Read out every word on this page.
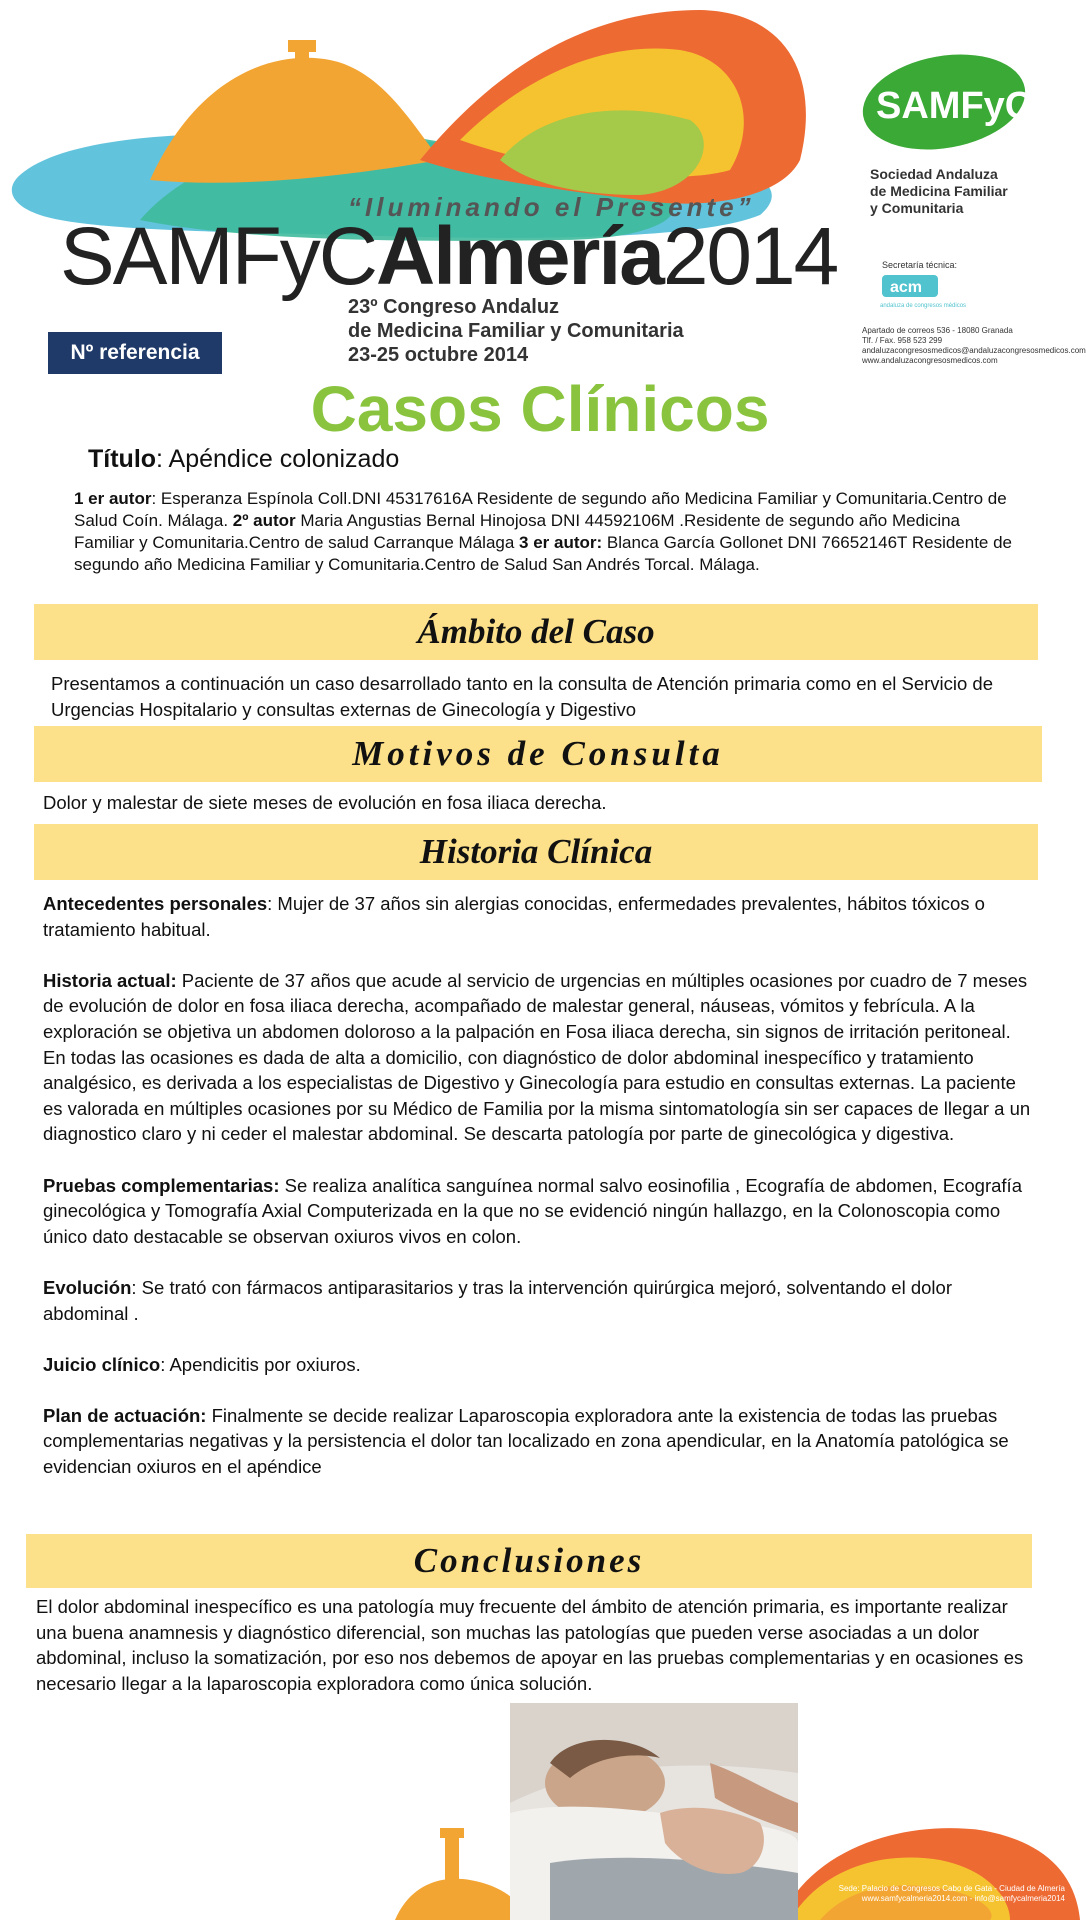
SAMFyC
Sociedad Andaluza
de Medicina Familiar
y Comunitaria
“Iluminando el Presente”
SAMFyCAlmería2014
23º Congreso Andaluz
de Medicina Familiar y Comunitaria
23-25 octubre 2014
Secretaría técnica:
acm
andaluza de congresos médicos
Apartado de correos 536 - 18080 Granada
Tlf. / Fax. 958 523 299
andaluzacongresosmedicos@andaluzacongresosmedicos.com
www.andaluzacongresosmedicos.com
Nº referencia
Casos Clínicos
Título: Apéndice colonizado
1 er autor: Esperanza Espínola Coll.DNI 45317616A Residente de segundo año Medicina Familiar y Comunitaria.Centro de Salud Coín. Málaga. 2º autor Maria Angustias Bernal Hinojosa DNI 44592106M .Residente de segundo año Medicina Familiar y Comunitaria.Centro de salud Carranque Málaga 3 er autor: Blanca García Gollonet DNI 76652146T Residente de segundo año Medicina Familiar y Comunitaria.Centro de Salud San Andrés Torcal. Málaga.
Ámbito del Caso
Presentamos a continuación un caso desarrollado tanto en la consulta de Atención primaria como en el Servicio de Urgencias Hospitalario y consultas externas de Ginecología y Digestivo
Motivos de Consulta
Dolor y malestar de siete meses de evolución en fosa iliaca derecha.
Historia Clínica

Antecedentes personales: Mujer de 37 años sin alergias conocidas, enfermedades prevalentes, hábitos tóxicos o tratamiento habitual.

Historia actual: Paciente de 37 años que acude al servicio de urgencias en múltiples ocasiones por cuadro de 7 meses de evolución de dolor en fosa iliaca derecha, acompañado de malestar general, náuseas, vómitos y febrícula. A la exploración se objetiva un abdomen doloroso a la palpación en Fosa iliaca derecha, sin signos de irritación peritoneal. En todas las ocasiones es dada de alta a domicilio, con diagnóstico de dolor abdominal inespecífico y tratamiento analgésico, es derivada a los especialistas de Digestivo y Ginecología para estudio en consultas externas. La paciente es valorada en múltiples ocasiones por su Médico de Familia por la misma sintomatología sin ser capaces de llegar a un diagnostico claro y ni ceder el malestar abdominal. Se descarta patología por parte de ginecológica y digestiva.

Pruebas complementarias: Se realiza analítica sanguínea normal salvo eosinofilia , Ecografía de abdomen, Ecografía ginecológica y Tomografía Axial Computerizada en la que no se evidenció ningún hallazgo, en la Colonoscopia como único dato destacable se observan oxiuros vivos en colon.

Evolución: Se trató con fármacos antiparasitarios y tras la intervención quirúrgica mejoró, solventando el dolor abdominal .

Juicio clínico: Apendicitis por oxiuros.

Plan de actuación: Finalmente se decide realizar Laparoscopia exploradora ante la existencia de todas las pruebas complementarias negativas y la persistencia el dolor tan localizado en zona apendicular, en la Anatomía patológica se evidencian oxiuros en el apéndice

Conclusiones
El dolor abdominal inespecífico es una patología muy frecuente del ámbito de atención primaria, es importante realizar una buena anamnesis y diagnóstico diferencial, son muchas las patologías que pueden verse asociadas a un dolor abdominal, incluso la somatización, por eso nos debemos de apoyar en las pruebas complementarias y en ocasiones es necesario llegar a la laparoscopia exploradora como única solución.
Sede: Palacio de Congresos Cabo de Gata - Ciudad de Almería
www.samfycalmeria2014.com - info@samfycalmeria2014
